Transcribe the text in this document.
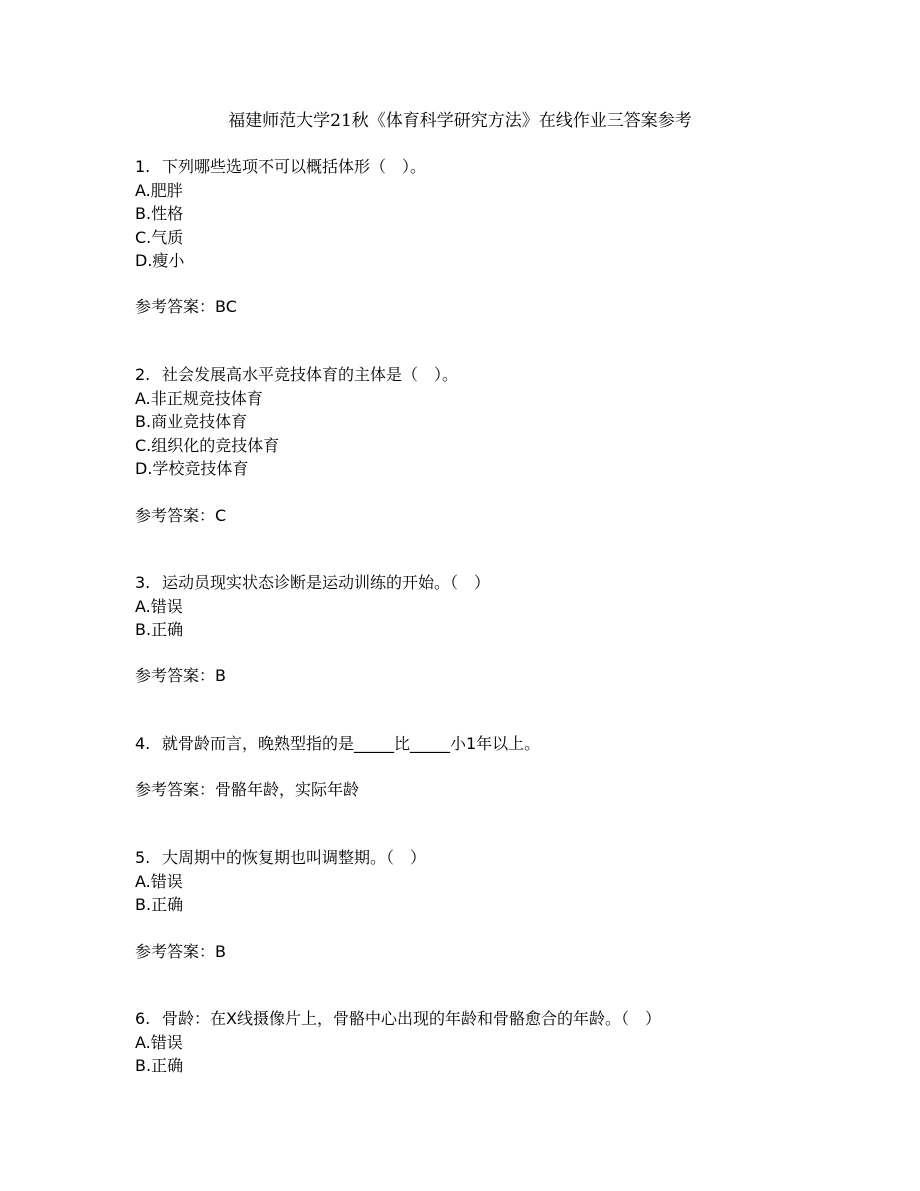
福建师范大学21秋《体育科学研究方法》在线作业三答案参考
1. 下列哪些选项不可以概括体形（　）。
A.肥胖
B.性格
C.气质
D.瘦小
参考答案：BC
2. 社会发展高水平竞技体育的主体是（　）。
A.非正规竞技体育
B.商业竞技体育
C.组织化的竞技体育
D.学校竞技体育
参考答案：C
3. 运动员现实状态诊断是运动训练的开始。（　）
A.错误
B.正确
参考答案：B
4. 就骨龄而言，晚熟型指的是_____比_____小1年以上。
参考答案：骨骼年龄，实际年龄
5. 大周期中的恢复期也叫调整期。（　）
A.错误
B.正确
参考答案：B
6. 骨龄：在X线摄像片上，骨骼中心出现的年龄和骨骼愈合的年龄。（　）
A.错误
B.正确
